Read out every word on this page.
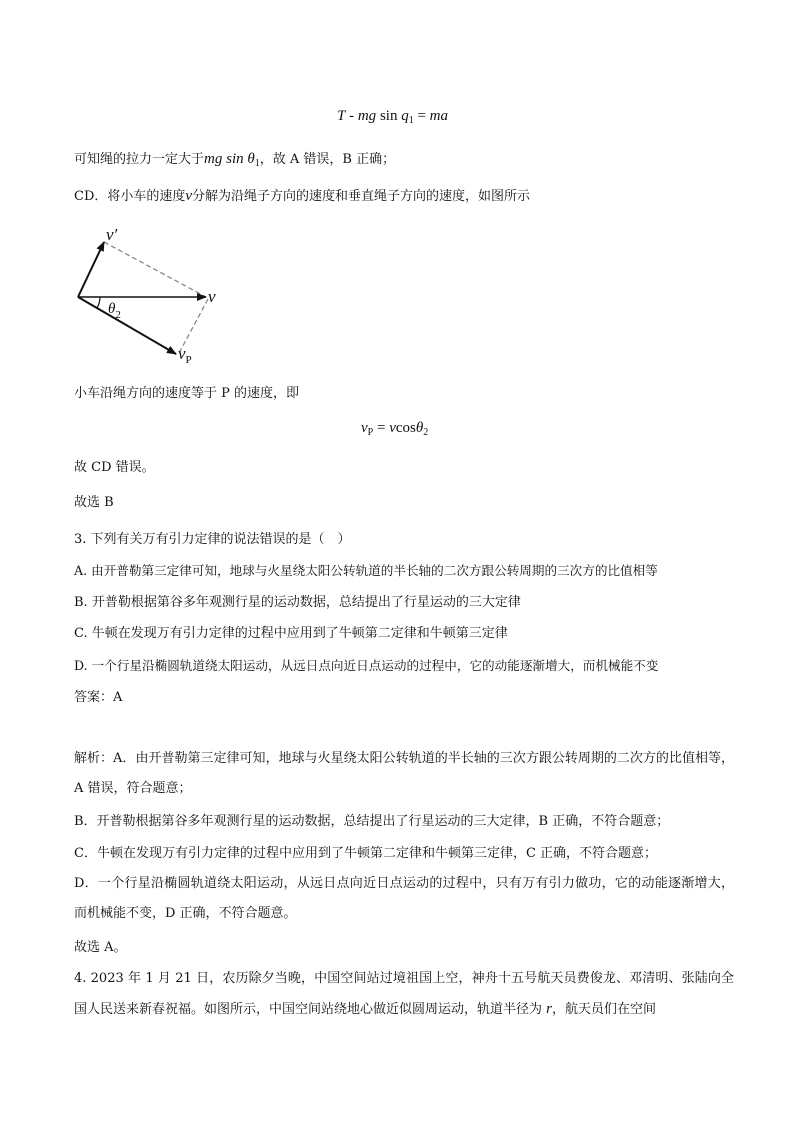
T - mg $\sin q_1$ = ma
可知绳的拉力一定大于mg $\sin \theta_1$，故 A 错误，B 正确；
CD．将小车的速度v分解为沿绳子方向的速度和垂直绳子方向的速度，如图所示
v′
v
$\theta_2$
$v_P$
小车沿绳方向的速度等于 P 的速度，即
$v_P = vcos\theta_2$
故 CD 错误。
故选 B
3. 下列有关万有引力定律的说法错误的是（　）
A. 由开普勒第三定律可知，地球与火星绕太阳公转轨道的半长轴的二次方跟公转周期的三次方的比值相等
B. 开普勒根据第谷多年观测行星的运动数据，总结提出了行星运动的三大定律
C. 牛顿在发现万有引力定律的过程中应用到了牛顿第二定律和牛顿第三定律
D. 一个行星沿椭圆轨道绕太阳运动，从远日点向近日点运动的过程中，它的动能逐渐增大，而机械能不变
答案：A
解析：A．由开普勒第三定律可知，地球与火星绕太阳公转轨道的半长轴的三次方跟公转周期的二次方的比值相等，A 错误，符合题意；
B．开普勒根据第谷多年观测行星的运动数据，总结提出了行星运动的三大定律，B 正确，不符合题意；
C．牛顿在发现万有引力定律的过程中应用到了牛顿第二定律和牛顿第三定律，C 正确，不符合题意；
D．一个行星沿椭圆轨道绕太阳运动，从远日点向近日点运动的过程中，只有万有引力做功，它的动能逐渐增大，而机械能不变，D 正确，不符合题意。
故选 A。
4. 2023 年 1 月 21 日，农历除夕当晚，中国空间站过境祖国上空，神舟十五号航天员费俊龙、邓清明、张陆向全国人民送来新春祝福。如图所示，中国空间站绕地心做近似圆周运动，轨道半径为 r，航天员们在空间
